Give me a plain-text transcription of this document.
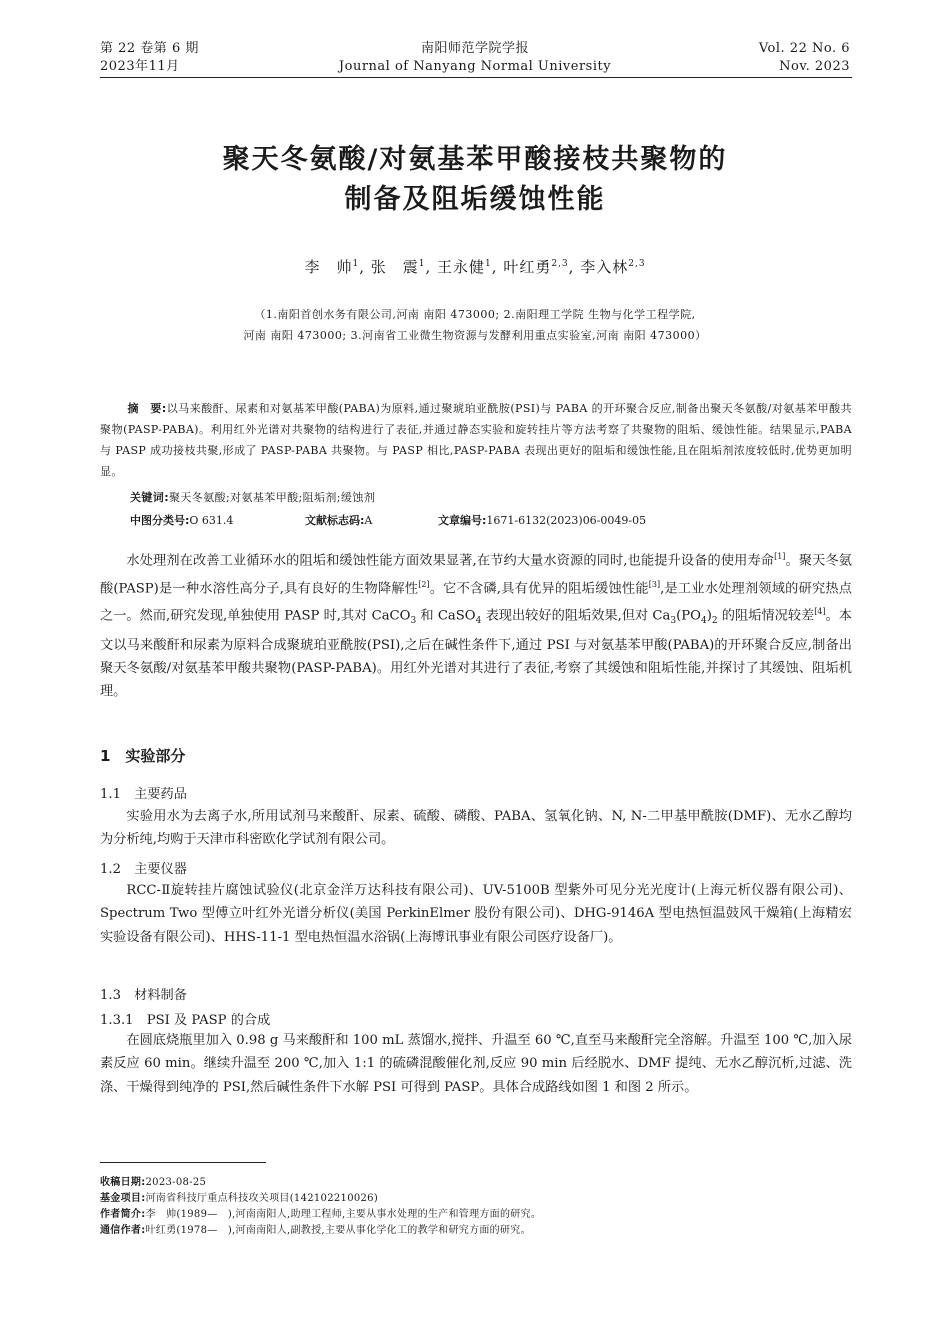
第 22 卷第 6 期
2023年11月
南阳师范学院学报
Journal of Nanyang Normal University
Vol. 22 No. 6
Nov. 2023
聚天冬氨酸/对氨基苯甲酸接枝共聚物的
制备及阻垢缓蚀性能
李　帅$^1$, 张　震$^1$, 王永健$^1$, 叶红勇$^{2,3}$, 李入林$^{2,3}$
（1.南阳首创水务有限公司,河南 南阳 473000; 2.南阳理工学院 生物与化学工程学院,
河南 南阳 473000; 3.河南省工业微生物资源与发酵利用重点实验室,河南 南阳 473000）
摘　要:以马来酸酐、尿素和对氨基苯甲酸(PABA)为原料,通过聚琥珀亚酰胺(PSI)与 PABA 的开环聚合反应,制备出聚天冬氨酸/对氨基苯甲酸共聚物(PASP-PABA)。利用红外光谱对共聚物的结构进行了表征,并通过静态实验和旋转挂片等方法考察了共聚物的阻垢、缓蚀性能。结果显示,PABA 与 PASP 成功接枝共聚,形成了 PASP-PABA 共聚物。与 PASP 相比,PASP-PABA 表现出更好的阻垢和缓蚀性能,且在阻垢剂浓度较低时,优势更加明显。
关键词:聚天冬氨酸;对氨基苯甲酸;阻垢剂;缓蚀剂
中图分类号:O 631.4	文献标志码:A	文章编号:1671-6132(2023)06-0049-05

水处理剂在改善工业循环水的阻垢和缓蚀性能方面效果显著,在节约大量水资源的同时,也能提升设备的使用寿命[1]。聚天冬氨酸(PASP)是一种水溶性高分子,具有良好的生物降解性[2]。它不含磷,具有优异的阻垢缓蚀性能[3],是工业水处理剂领域的研究热点之一。然而,研究发现,单独使用 PASP 时,其对 CaCO$_3$ 和 CaSO$_4$ 表现出较好的阻垢效果,但对 $Ca_3(PO_4)_2$ 的阻垢情况较差[4]。本文以马来酸酐和尿素为原料合成聚琥珀亚酰胺(PSI),之后在碱性条件下,通过 PSI 与对氨基苯甲酸(PABA)的开环聚合反应,制备出聚天冬氨酸/对氨基苯甲酸共聚物(PASP-PABA)。用红外光谱对其进行了表征,考察了其缓蚀和阻垢性能,并探讨了其缓蚀、阻垢机理。

1　实验部分
1.1　主要药品

实验用水为去离子水,所用试剂马来酸酐、尿素、硫酸、磷酸、PABA、氢氧化钠、N, N-二甲基甲酰胺(DMF)、无水乙醇均为分析纯,均购于天津市科密欧化学试剂有限公司。

1.2　主要仪器

RCC-Ⅱ旋转挂片腐蚀试验仪(北京金洋万达科技有限公司)、UV-5100B 型紫外可见分光光度计(上海元析仪器有限公司)、Spectrum Two 型傅立叶红外光谱分析仪(美国 PerkinElmer 股份有限公司)、DHG-9146A 型电热恒温鼓风干燥箱(上海精宏实验设备有限公司)、HHS-11-1 型电热恒温水浴锅(上海博讯事业有限公司医疗设备厂)。

1.3　材料制备
1.3.1　PSI 及 PASP 的合成

在圆底烧瓶里加入 0.98 g 马来酸酐和 100 mL 蒸馏水,搅拌、升温至 60 ℃,直至马来酸酐完全溶解。升温至 100 ℃,加入尿素反应 60 min。继续升温至 200 ℃,加入 1:1 的硫磷混酸催化剂,反应 90 min 后经脱水、DMF 提纯、无水乙醇沉析,过滤、洗涤、干燥得到纯净的 PSI,然后碱性条件下水解 PSI 可得到 PASP。具体合成路线如图 1 和图 2 所示。

收稿日期:2023-08-25
基金项目:河南省科技厅重点科技攻关项目(142102210026)
作者简介:李　帅(1989—　),河南南阳人,助理工程师,主要从事水处理的生产和管理方面的研究。
通信作者:叶红勇(1978—　),河南南阳人,副教授,主要从事化学化工的教学和研究方面的研究。
